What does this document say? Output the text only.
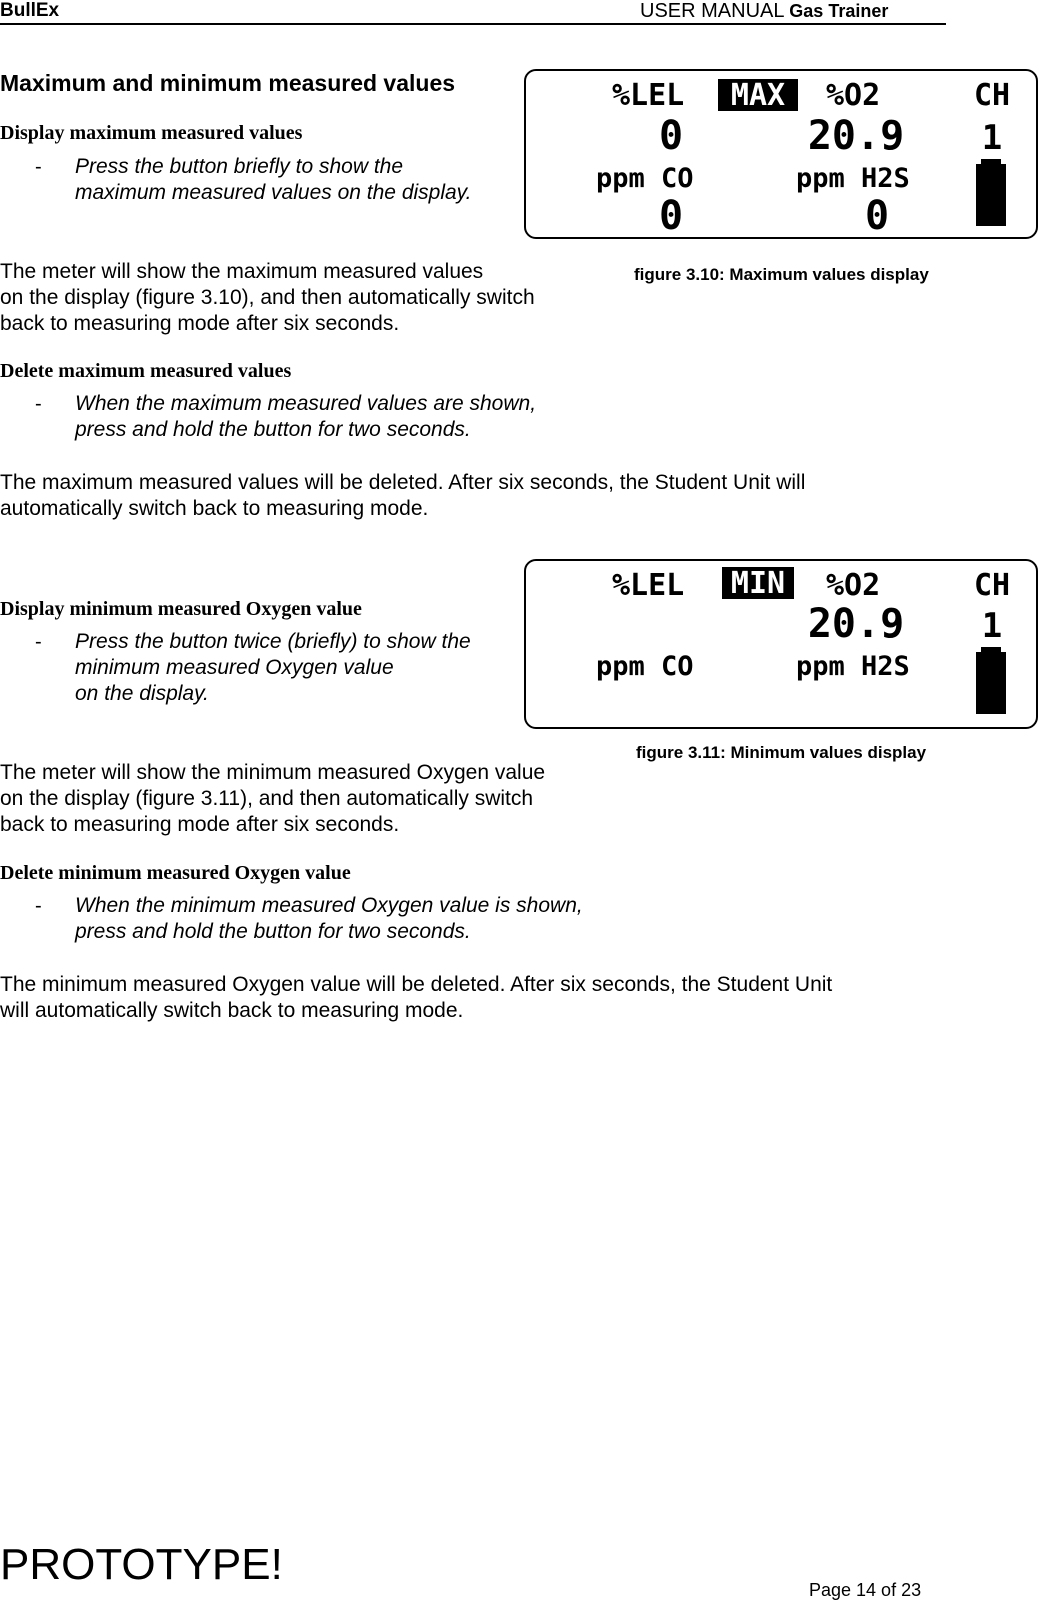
BullEx	USER MANUAL Gas Trainer
Maximum and minimum measured values
Display maximum measured values
- Press the button briefly to show the
maximum measured values on the display.
The meter will show the maximum measured values
on the display (figure 3.10), and then automatically switch
back to measuring mode after six seconds.
Delete maximum measured values
- When the maximum measured values are shown,
press and hold the button for two seconds.
The maximum measured values will be deleted. After six seconds, the Student Unit will
automatically switch back to measuring mode.
%LEL MAX %O2	CH
0	20.9 1
ppm CO	ppm H2S
0	0
figure 3.10: Maximum values display
Display minimum measured Oxygen value
- Press the button twice (briefly) to show the
minimum measured Oxygen value
on the display.
The meter will show the minimum measured Oxygen value
on the display (figure 3.11), and then automatically switch
back to measuring mode after six seconds.
Delete minimum measured Oxygen value
- When the minimum measured Oxygen value is shown,
press and hold the button for two seconds.
The minimum measured Oxygen value will be deleted. After six seconds, the Student Unit
will automatically switch back to measuring mode.
%LEL MIN %O2	CH
20.9 1
ppm CO	ppm H2S
figure 3.11: Minimum values display
PROTOTYPE!
Page 14 of 23
